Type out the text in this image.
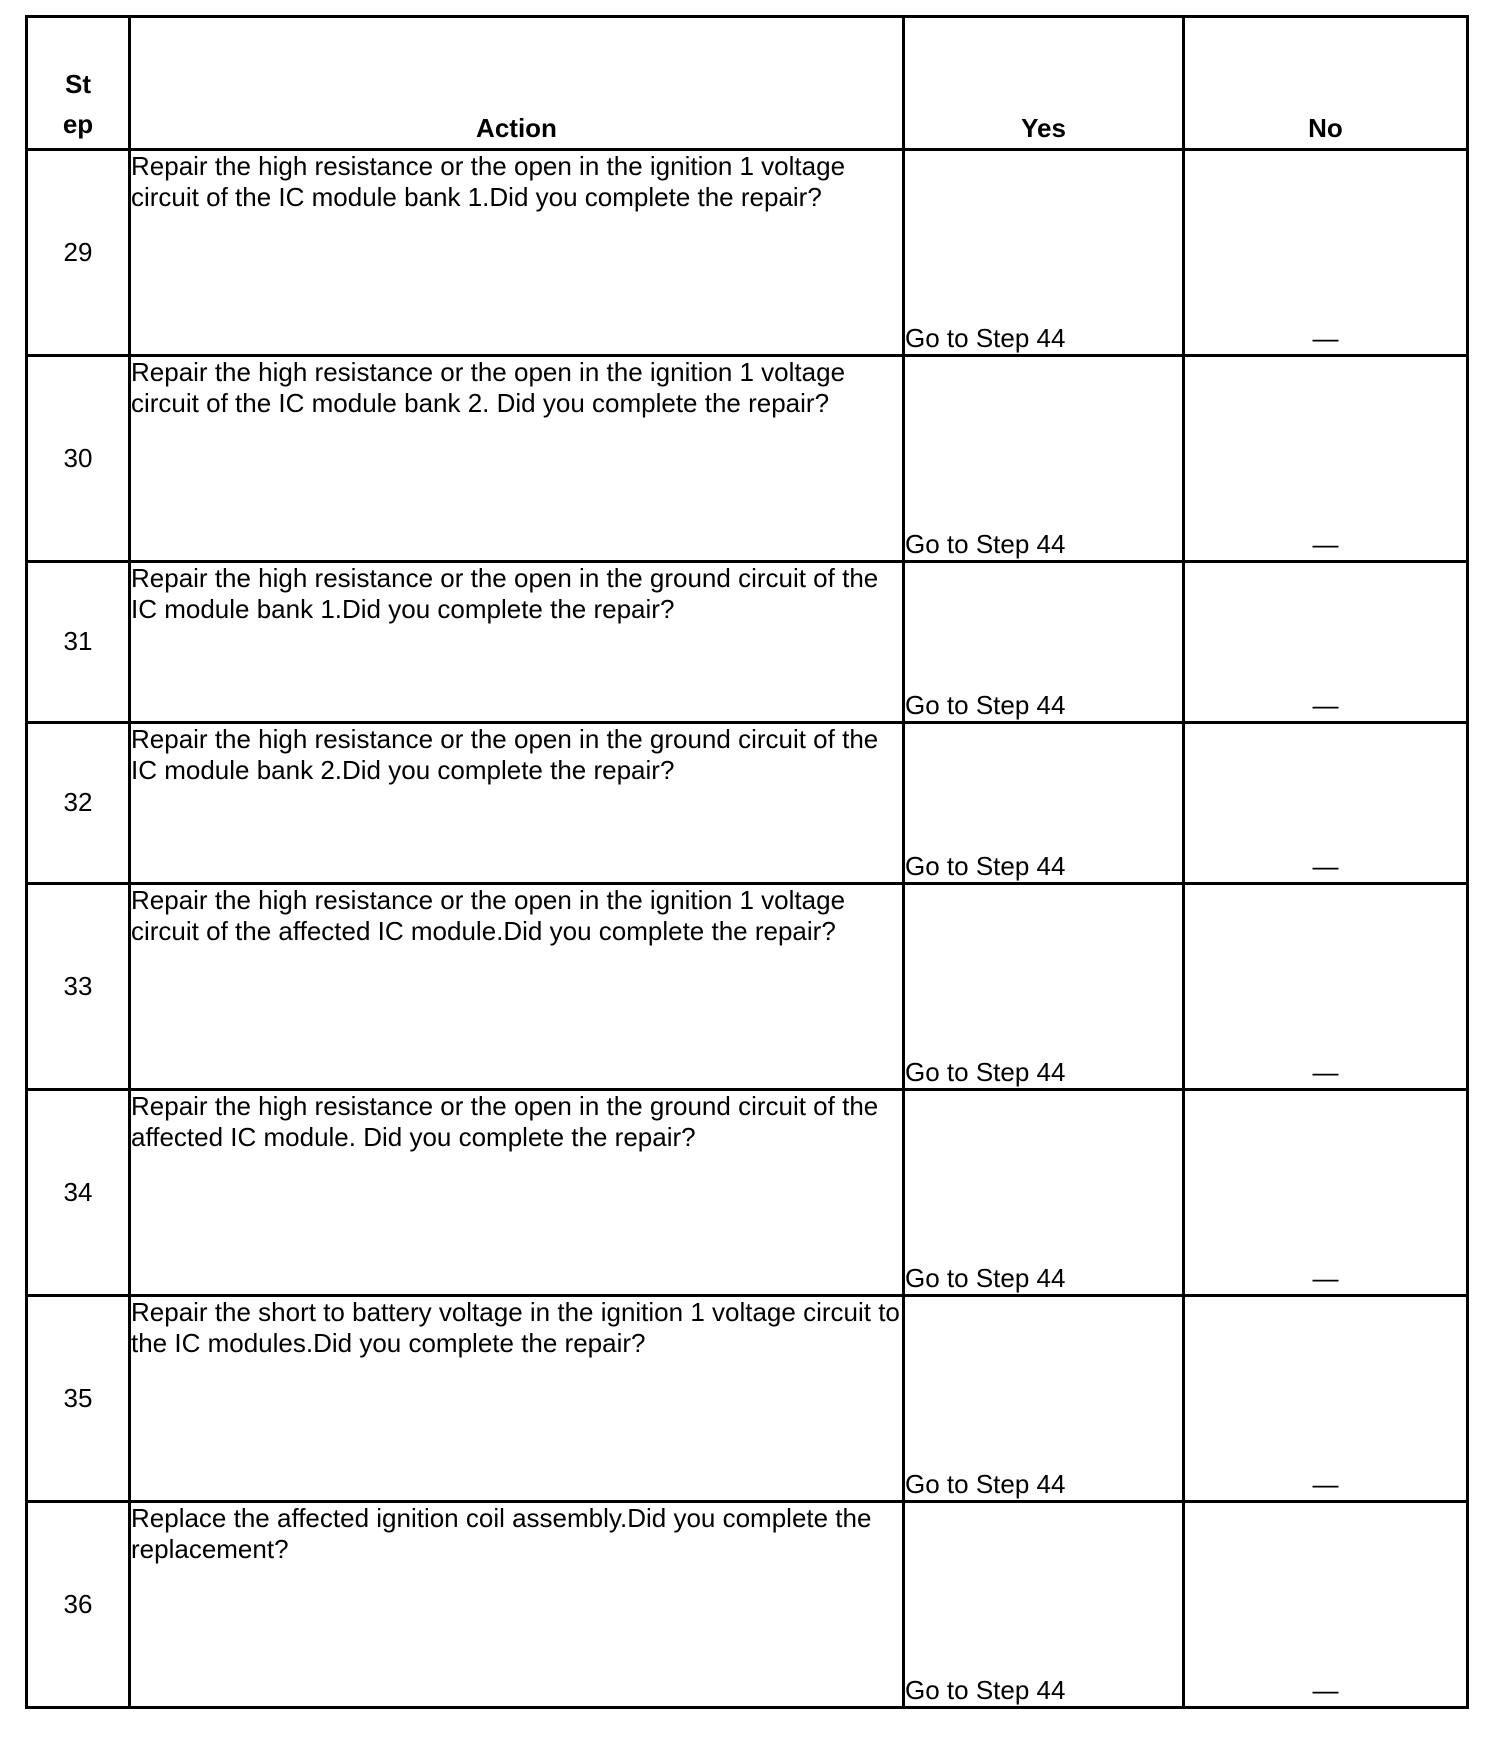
St
ep	Action	Yes	No
29	Repair the high resistance or the open in the ignition 1 voltage circuit of the IC module bank 1.Did you complete the repair?	Go to Step 44	—
30	Repair the high resistance or the open in the ignition 1 voltage circuit of the IC module bank 2. Did you complete the repair?	Go to Step 44	—
31	Repair the high resistance or the open in the ground circuit of the IC module bank 1.Did you complete the repair?	Go to Step 44	—
32	Repair the high resistance or the open in the ground circuit of the IC module bank 2.Did you complete the repair?	Go to Step 44	—
33	Repair the high resistance or the open in the ignition 1 voltage circuit of the affected IC module.Did you complete the repair?	Go to Step 44	—
34	Repair the high resistance or the open in the ground circuit of the affected IC module. Did you complete the repair?	Go to Step 44	—
35	Repair the short to battery voltage in the ignition 1 voltage circuit to the IC modules.Did you complete the repair?	Go to Step 44	—
36	Replace the affected ignition coil assembly.Did you complete the replacement?	Go to Step 44	—
